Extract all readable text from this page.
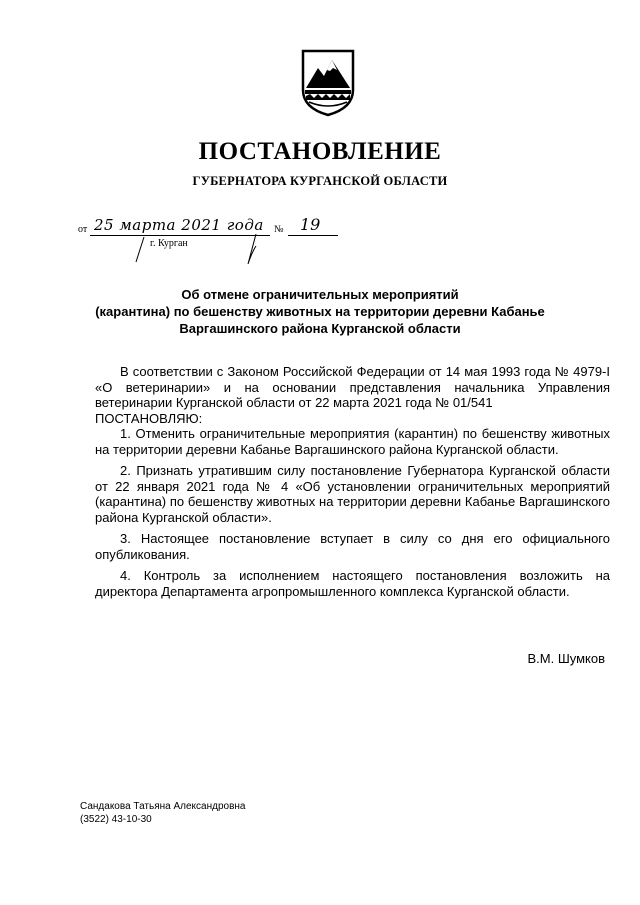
ПОСТАНОВЛЕНИЕ
ГУБЕРНАТОРА КУРГАНСКОЙ ОБЛАСТИ
от 25 марта 2021 года № 19
г. Курган
Об отмене ограничительных мероприятий
(карантина) по бешенству животных на территории деревни Кабанье
Варгашинского района Курганской области

В соответствии с Законом Российской Федерации от 14 мая 1993 года № 4979-I «О ветеринарии» и на основании представления начальника Управления ветеринарии Курганской области от 22 марта 2021 года № 01/541

ПОСТАНОВЛЯЮ:

1. Отменить ограничительные мероприятия (карантин) по бешенству животных на территории деревни Кабанье Варгашинского района Курганской области.

2. Признать утратившим силу постановление Губернатора Курганской области от 22 января 2021 года № 4 «Об установлении ограничительных мероприятий (карантина) по бешенству животных на территории деревни Кабанье Варгашинского района Курганской области».

3. Настоящее постановление вступает в силу со дня его официального опубликования.

4. Контроль за исполнением настоящего постановления возложить на директора Департамента агропромышленного комплекса Курганской области.

В.М. Шумков
Сандакова Татьяна Александровна
(3522) 43-10-30
